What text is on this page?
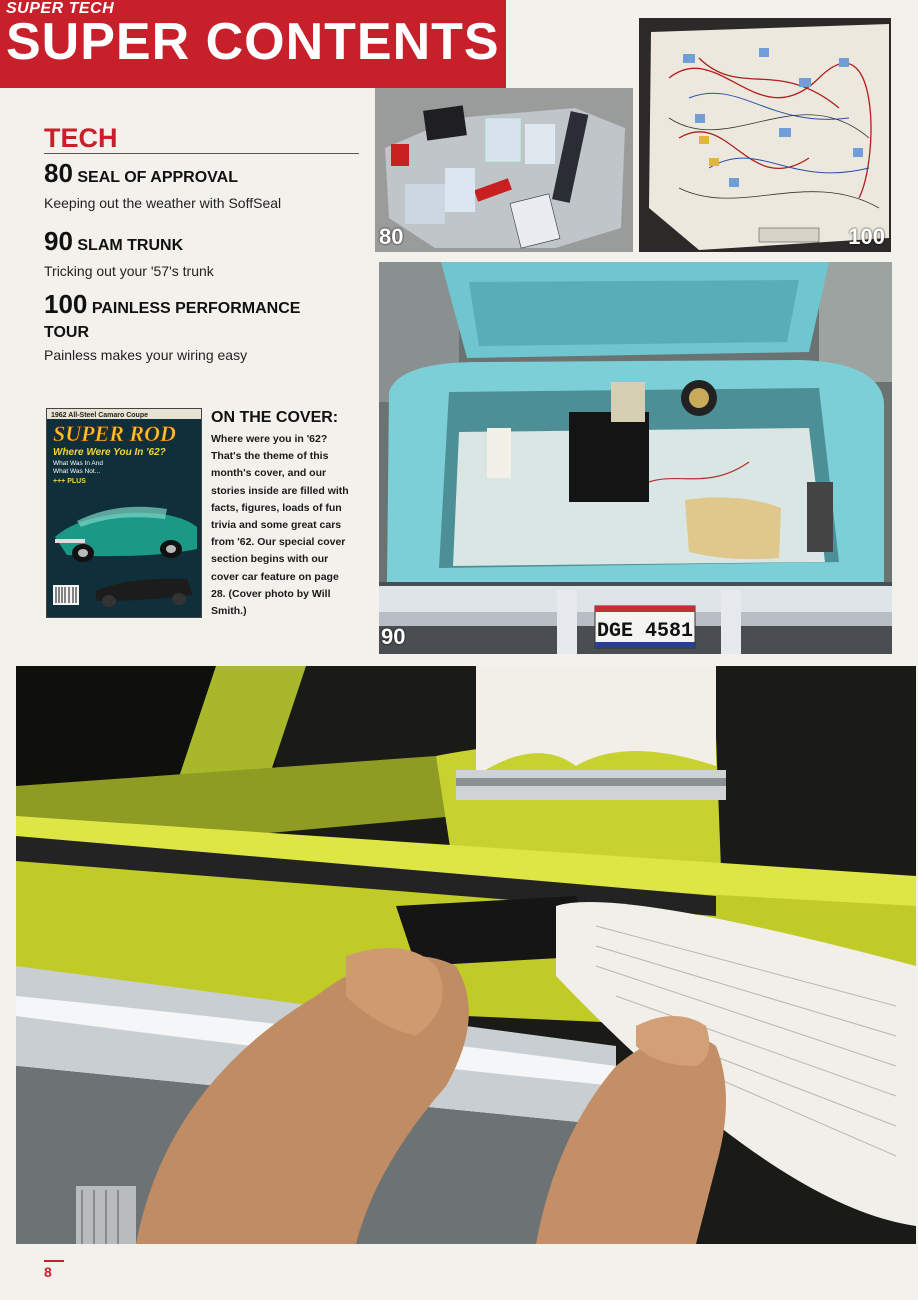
SUPER TECH

SUPER CONTENTS
TECH
80 SEAL OF APPROVAL
Keeping out the weather with SoffSeal
90 SLAM TRUNK
Tricking out your '57's trunk
100 PAINLESS PERFORMANCE TOUR
Painless makes your wiring easy
1962 All-Steel Camaro Coupe
SUPER ROD
Where Were You In '62?
What Was In And
What Was Not...
+++ PLUS

ON THE COVER:

Where were you in '62? That's the theme of this month's cover, and our stories inside are filled with facts, figures, loads of fun trivia and some great cars from '62. Our special cover section begins with our cover car feature on page 28. (Cover photo by Will Smith.)

80	100
DGE 4581
90
8
